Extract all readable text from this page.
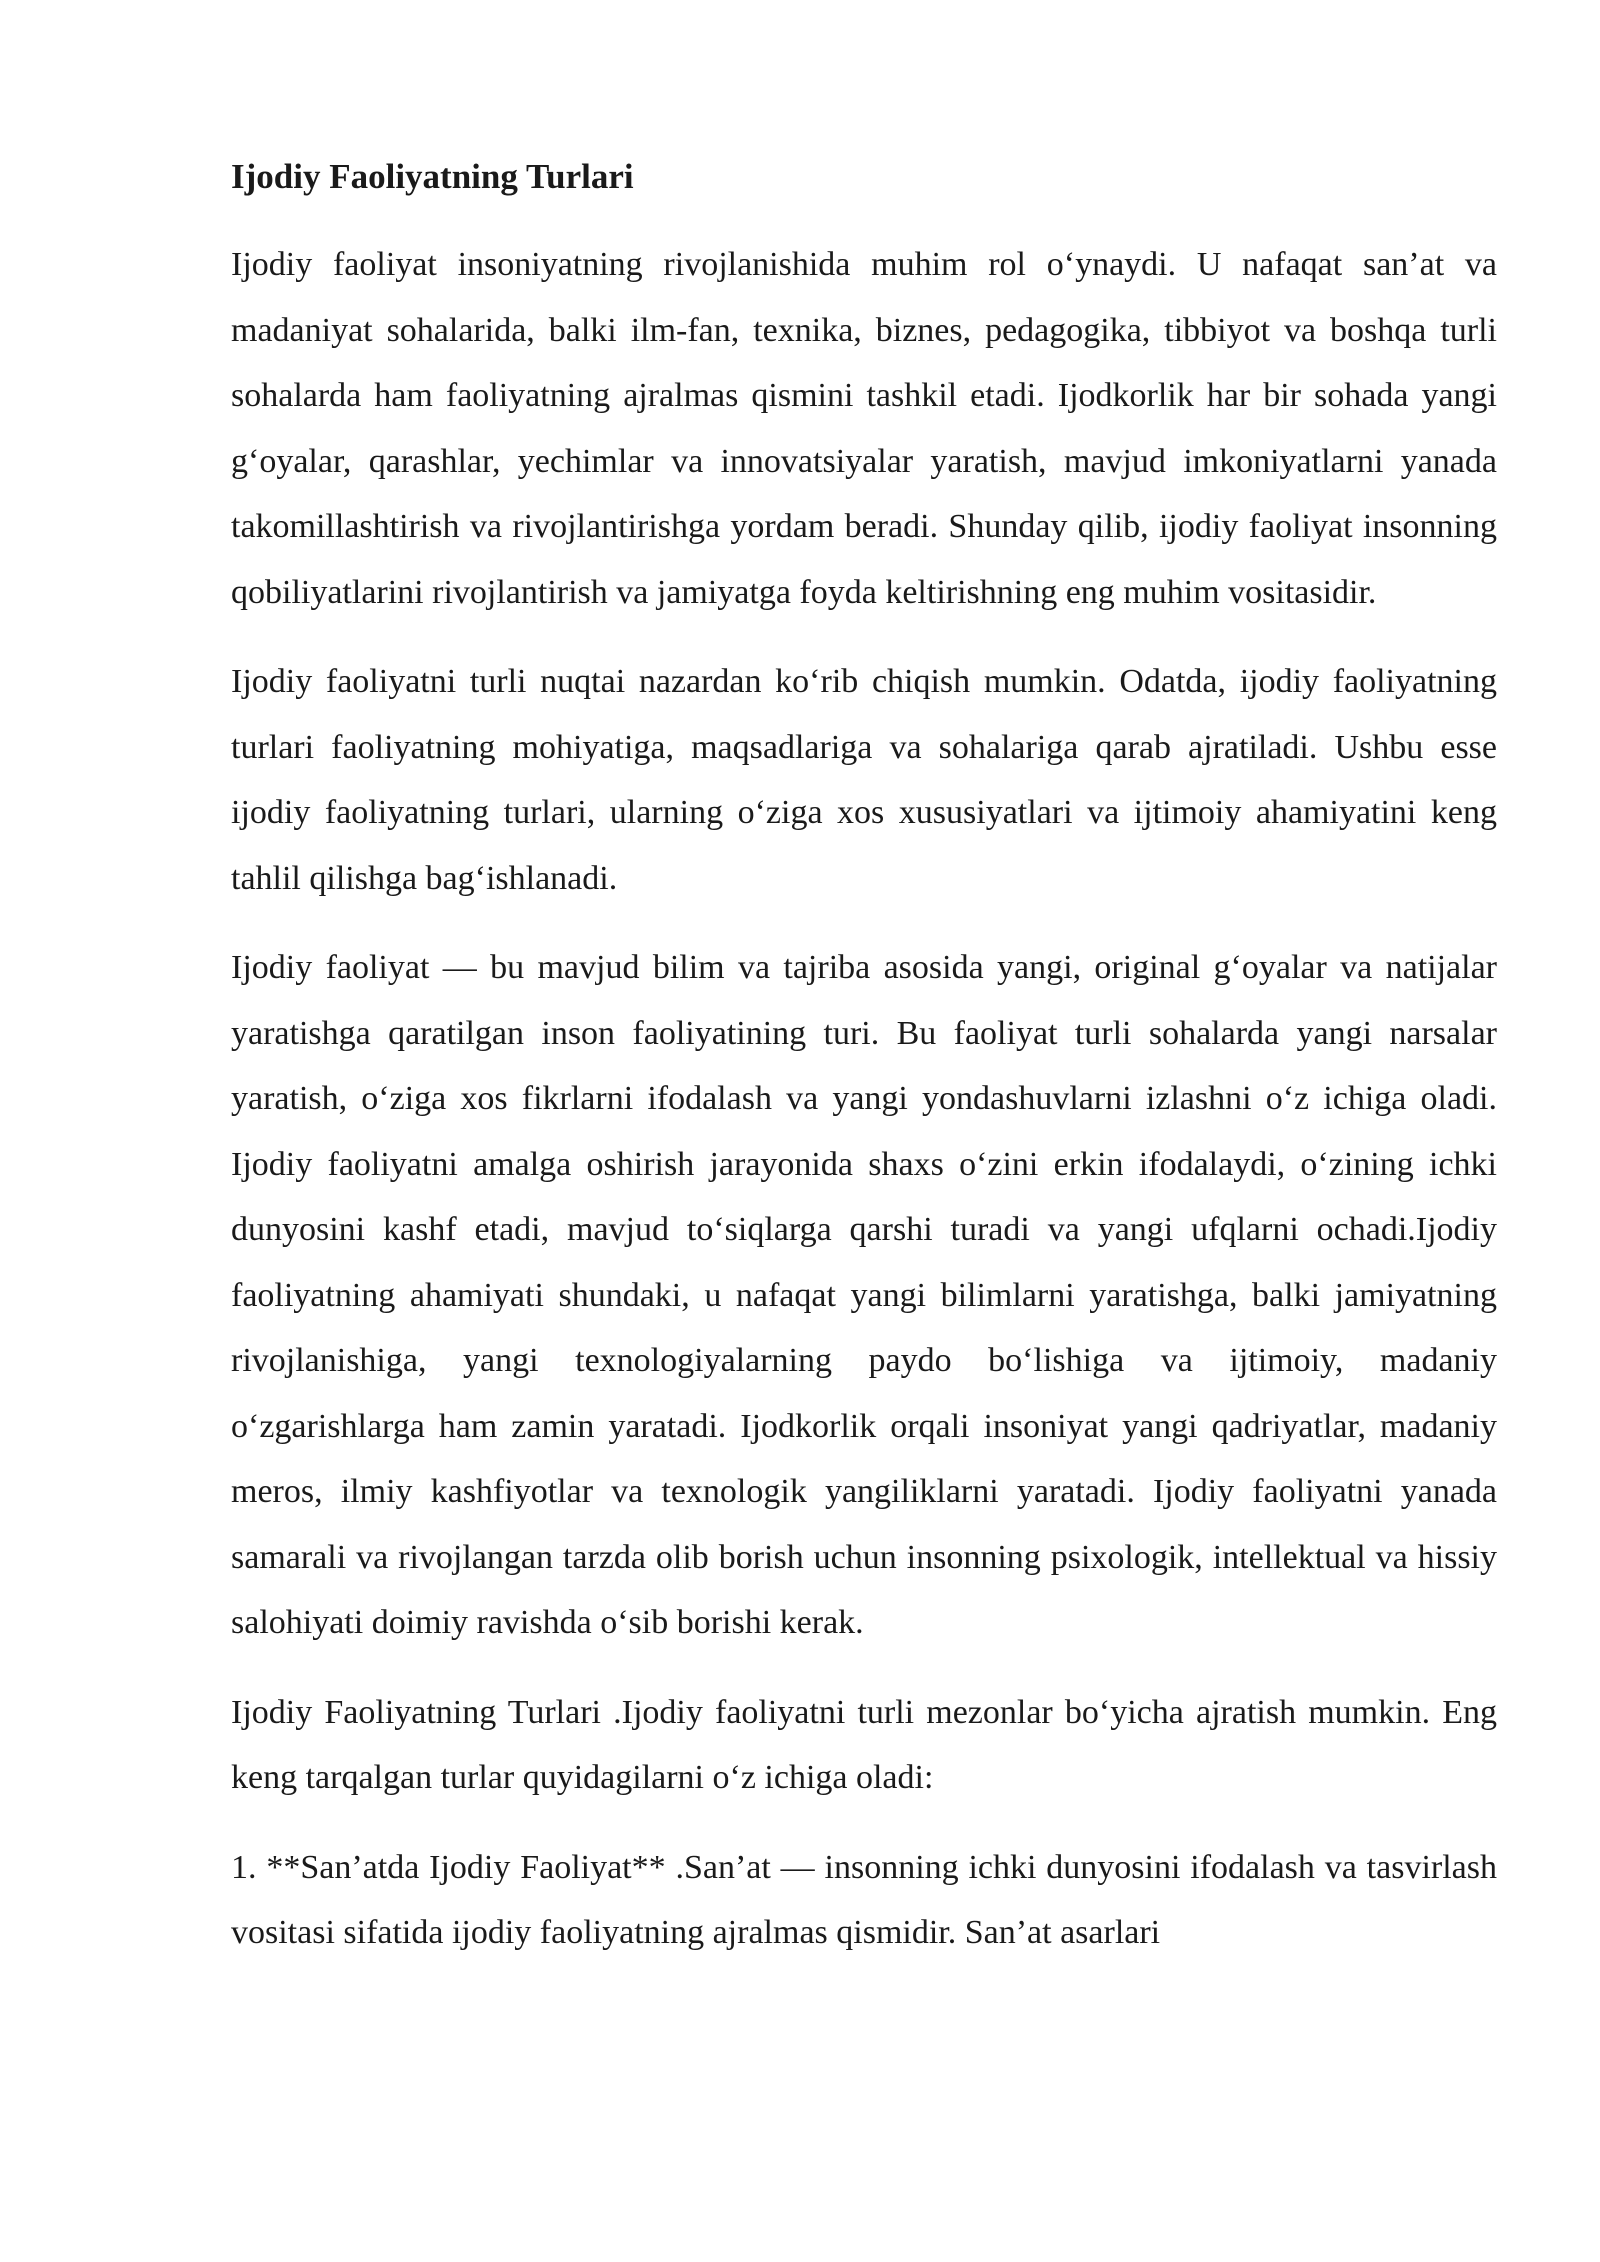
Ijodiy Faoliyatning Turlari

Ijodiy faoliyat insoniyatning rivojlanishida muhim rol o‘ynaydi. U nafaqat san’at va madaniyat sohalarida, balki ilm-fan, texnika, biznes, pedagogika, tibbiyot va boshqa turli sohalarda ham faoliyatning ajralmas qismini tashkil etadi. Ijodkorlik har bir sohada yangi g‘oyalar, qarashlar, yechimlar va innovatsiyalar yaratish, mavjud imkoniyatlarni yanada takomillashtirish va rivojlantirishga yordam beradi. Shunday qilib, ijodiy faoliyat insonning qobiliyatlarini rivojlantirish va jamiyatga foyda keltirishning eng muhim vositasidir.

Ijodiy faoliyatni turli nuqtai nazardan ko‘rib chiqish mumkin. Odatda, ijodiy faoliyatning turlari faoliyatning mohiyatiga, maqsadlariga va sohalariga qarab ajratiladi. Ushbu esse ijodiy faoliyatning turlari, ularning o‘ziga xos xususiyatlari va ijtimoiy ahamiyatini keng tahlil qilishga bag‘ishlanadi.

Ijodiy faoliyat — bu mavjud bilim va tajriba asosida yangi, original g‘oyalar va natijalar yaratishga qaratilgan inson faoliyatining turi. Bu faoliyat turli sohalarda yangi narsalar yaratish, o‘ziga xos fikrlarni ifodalash va yangi yondashuvlarni izlashni o‘z ichiga oladi. Ijodiy faoliyatni amalga oshirish jarayonida shaxs o‘zini erkin ifodalaydi, o‘zining ichki dunyosini kashf etadi, mavjud to‘siqlarga qarshi turadi va yangi ufqlarni ochadi.Ijodiy faoliyatning ahamiyati shundaki, u nafaqat yangi bilimlarni yaratishga, balki jamiyatning rivojlanishiga, yangi texnologiyalarning paydo bo‘lishiga va ijtimoiy, madaniy o‘zgarishlarga ham zamin yaratadi. Ijodkorlik orqali insoniyat yangi qadriyatlar, madaniy meros, ilmiy kashfiyotlar va texnologik yangiliklarni yaratadi. Ijodiy faoliyatni yanada samarali va rivojlangan tarzda olib borish uchun insonning psixologik, intellektual va hissiy salohiyati doimiy ravishda o‘sib borishi kerak.

Ijodiy Faoliyatning Turlari .Ijodiy faoliyatni turli mezonlar bo‘yicha ajratish mumkin. Eng keng tarqalgan turlar quyidagilarni o‘z ichiga oladi:

1. **San’atda Ijodiy Faoliyat** .San’at — insonning ichki dunyosini ifodalash va tasvirlash vositasi sifatida ijodiy faoliyatning ajralmas qismidir. San’at asarlari
